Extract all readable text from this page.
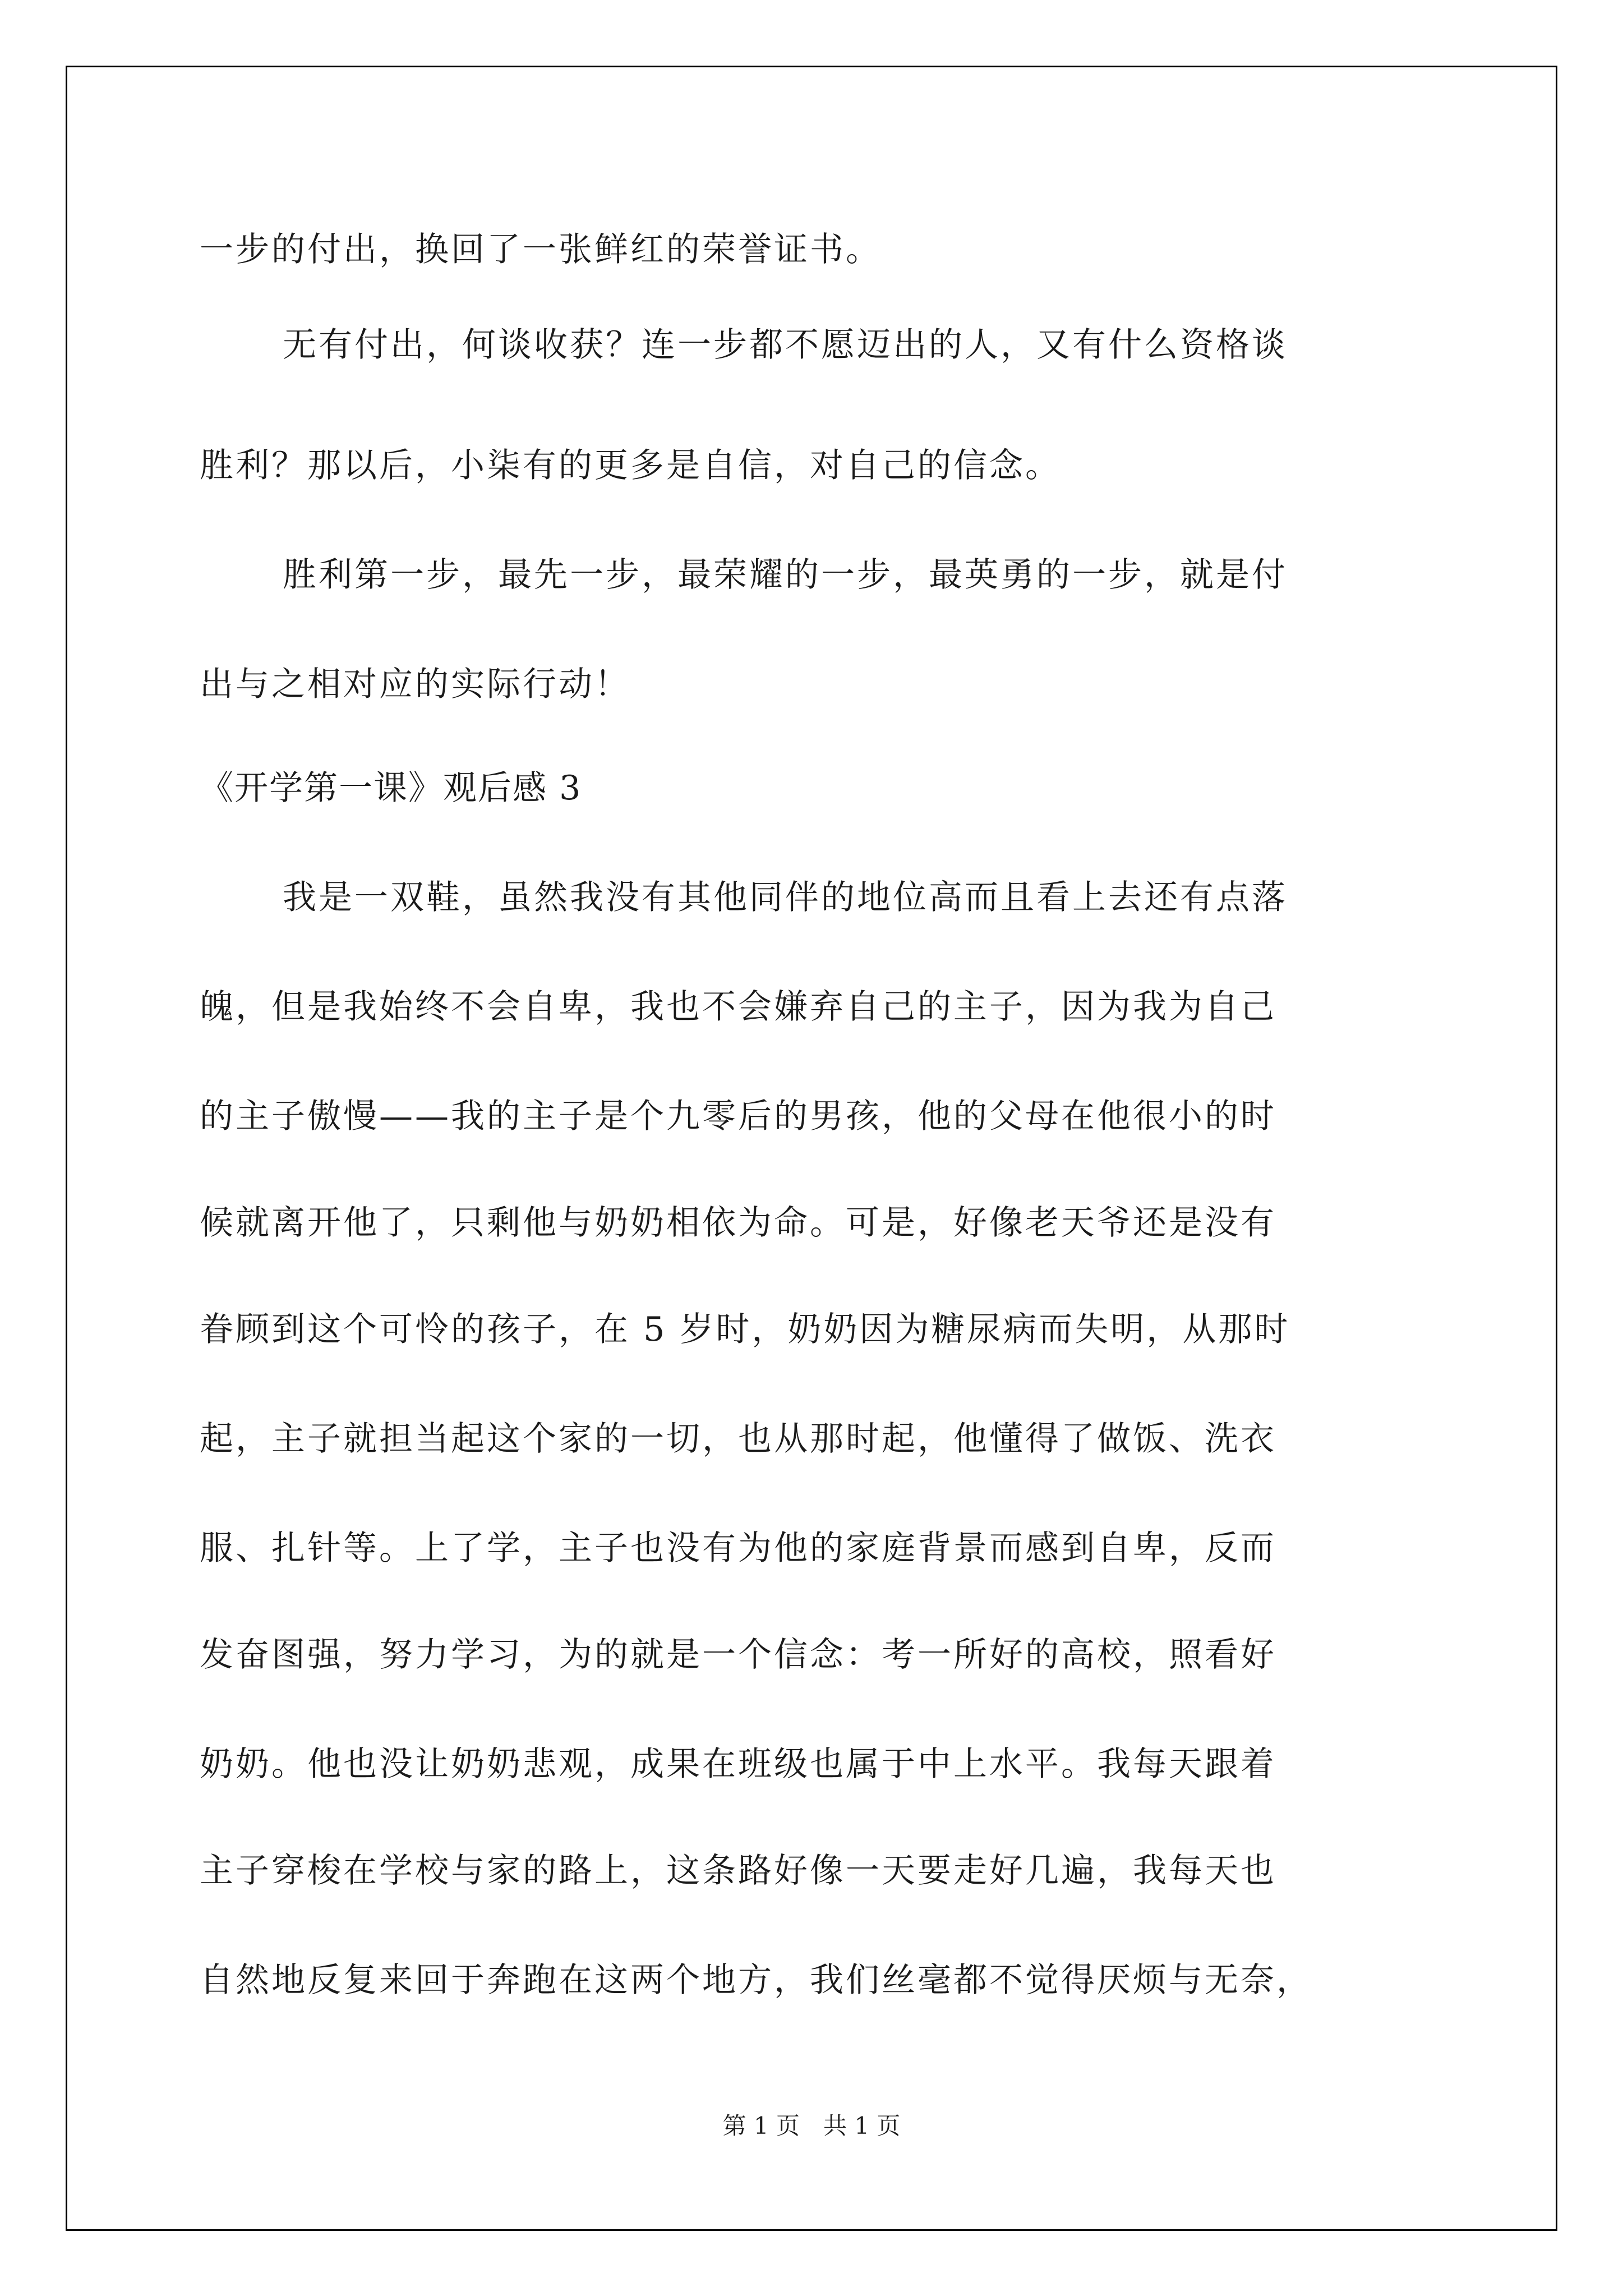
一步的付出，换回了一张鲜红的荣誉证书。

无有付出，何谈收获？连一步都不愿迈出的人，又有什么资格谈

胜利？那以后，小柒有的更多是自信，对自己的信念。

胜利第一步，最先一步，最荣耀的一步，最英勇的一步，就是付

出与之相对应的实际行动！

《开学第一课》观后感 3

我是一双鞋，虽然我没有其他同伴的地位高而且看上去还有点落

魄，但是我始终不会自卑，我也不会嫌弃自己的主子，因为我为自己

的主子傲慢——我的主子是个九零后的男孩，他的父母在他很小的时

候就离开他了，只剩他与奶奶相依为命。可是，好像老天爷还是没有

眷顾到这个可怜的孩子，在 5 岁时，奶奶因为糖尿病而失明，从那时

起，主子就担当起这个家的一切，也从那时起，他懂得了做饭、洗衣

服、扎针等。上了学，主子也没有为他的家庭背景而感到自卑，反而

发奋图强，努力学习，为的就是一个信念：考一所好的高校，照看好

奶奶。他也没让奶奶悲观，成果在班级也属于中上水平。我每天跟着

主子穿梭在学校与家的路上，这条路好像一天要走好几遍，我每天也

自然地反复来回于奔跑在这两个地方，我们丝毫都不觉得厌烦与无奈，

第 1 页　共 1 页
